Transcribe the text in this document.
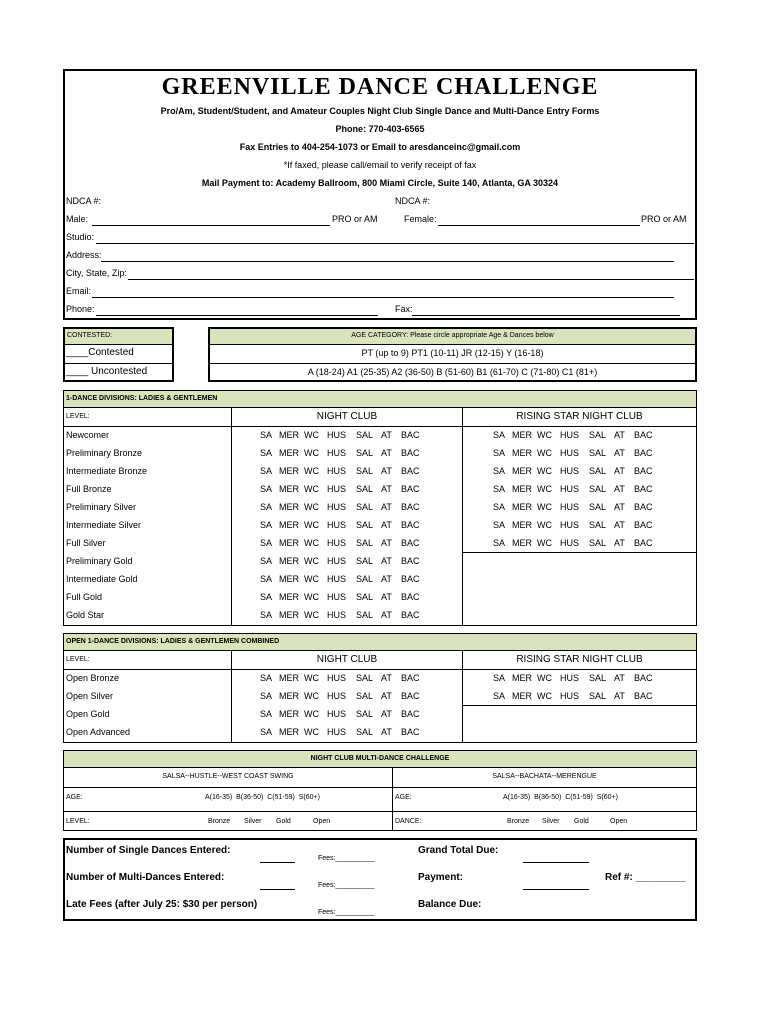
GREENVILLE DANCE CHALLENGE
Pro/Am, Student/Student, and Amateur Couples Night Club Single Dance and Multi-Dance Entry Forms
Phone: 770-403-6565
Fax Entries to 404-254-1073 or Email to aresdanceinc@gmail.com
*If faxed, please call/email to verify receipt of fax
Mail Payment to: Academy Ballroom, 800 Miami Circle, Suite 140, Atlanta, GA 30324
NDCA #:	NDCA #:
Male:	PRO or AM	Female:	PRO or AM
Studio:
Address:
City, State, Zip:
Email:
Phone:	Fax:
CONTESTED:
____Contested
____ Uncontested
AGE CATEGORY: Please circle appropriate Age & Dances below
PT (up to 9) PT1 (10-11) JR (12-15) Y (16-18)
A (18-24) A1 (25-35) A2 (36-50) B (51-60) B1 (61-70) C (71-80) C1 (81+)
1-DANCE DIVISIONS: LADIES & GENTLEMEN
LEVEL:	NIGHT CLUB	RISING STAR NIGHT CLUB
Newcomer	SA MER WC HUS SAL AT BAC	SA MER WC HUS SAL AT BAC
Preliminary Bronze	SA MER WC HUS SAL AT BAC	SA MER WC HUS SAL AT BAC
Intermediate Bronze	SA MER WC HUS SAL AT BAC	SA MER WC HUS SAL AT BAC
Full Bronze	SA MER WC HUS SAL AT BAC	SA MER WC HUS SAL AT BAC
Preliminary Silver	SA MER WC HUS SAL AT BAC	SA MER WC HUS SAL AT BAC
Intermediate Silver	SA MER WC HUS SAL AT BAC	SA MER WC HUS SAL AT BAC
Full Silver	SA MER WC HUS SAL AT BAC	SA MER WC HUS SAL AT BAC
Preliminary Gold	SA MER WC HUS SAL AT BAC
Intermediate Gold	SA MER WC HUS SAL AT BAC
Full Gold	SA MER WC HUS SAL AT BAC
Gold Star	SA MER WC HUS SAL AT BAC
OPEN 1-DANCE DIVISIONS: LADIES & GENTLEMEN COMBINED
LEVEL:	NIGHT CLUB	RISING STAR NIGHT CLUB
Open Bronze	SA MER WC HUS SAL AT BAC	SA MER WC HUS SAL AT BAC
Open Silver	SA MER WC HUS SAL AT BAC	SA MER WC HUS SAL AT BAC
Open Gold	SA MER WC HUS SAL AT BAC
Open Advanced	SA MER WC HUS SAL AT BAC
NIGHT CLUB MULTI-DANCE CHALLENGE
SALSA--HUSTLE--WEST COAST SWING	SALSA--BACHATA--MERENGUE
AGE:	A(16-35)  B(36-50)  C(51-59)  S(60+)	AGE:	A(16-35)  B(36-50)  C(51-59)  S(60+)
LEVEL:	Bronze Silver Gold	Open	DANCE:	Bronze Silver Gold	Open
Number of Single Dances Entered:
Fees:__________
Number of Multi-Dances Entered:
Fees:__________
Late Fees (after July 25: $30 per person)
Fees:__________
Grand Total Due:
Payment:	Ref #: _________
Balance Due:
